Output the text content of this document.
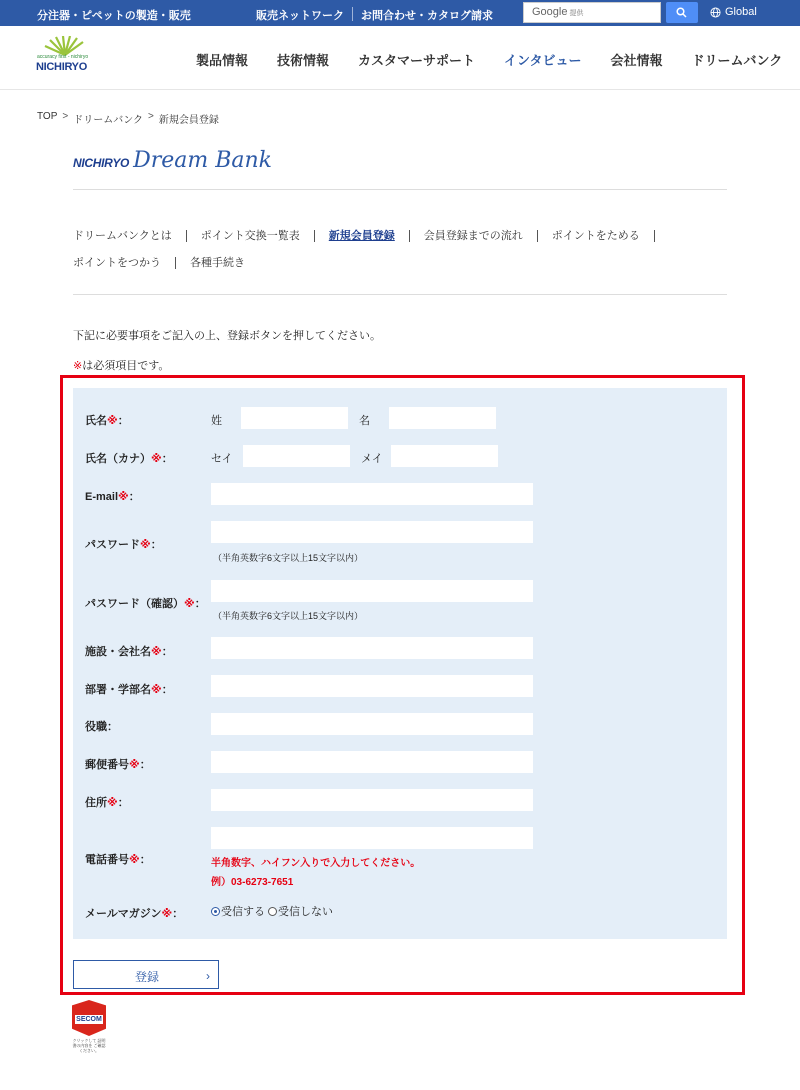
分注器・ピペットの製造・販売	販売ネットワーク	お問合わせ・カタログ請求	Google 提供	Global
accuracy first - nichiryo
NICHIRYO	製品情報 技術情報 カスタマーサポート インタビュー 会社情報 ドリームバンク
TOP > ドリームバンク > 新規会員登録
NICHIRYO Dream Bank
ドリームバンクとは	ポイント交換一覧表	新規会員登録	会員登録までの流れ	ポイントをためる
ポイントをつかう	各種手続き
下記に必要事項をご記入の上、登録ボタンを押してください。
※は必須項目です。
氏名※：	姓	名
氏名（カナ）※：	セイ	メイ
E-mail※：
パスワード※：
（半角英数字6文字以上15文字以内）
パスワード（確認）※：
（半角英数字6文字以上15文字以内）
施設・会社名※：
部署・学部名※：
役職：
郵便番号※：
住所※：
電話番号※：	半角数字、ハイフン入りで入力してください。
例）03-6273-7651
メールマガジン※：	受信する 受信しない
登録	›
SECOM
クリックして 証明書の内容を ご確認ください。
